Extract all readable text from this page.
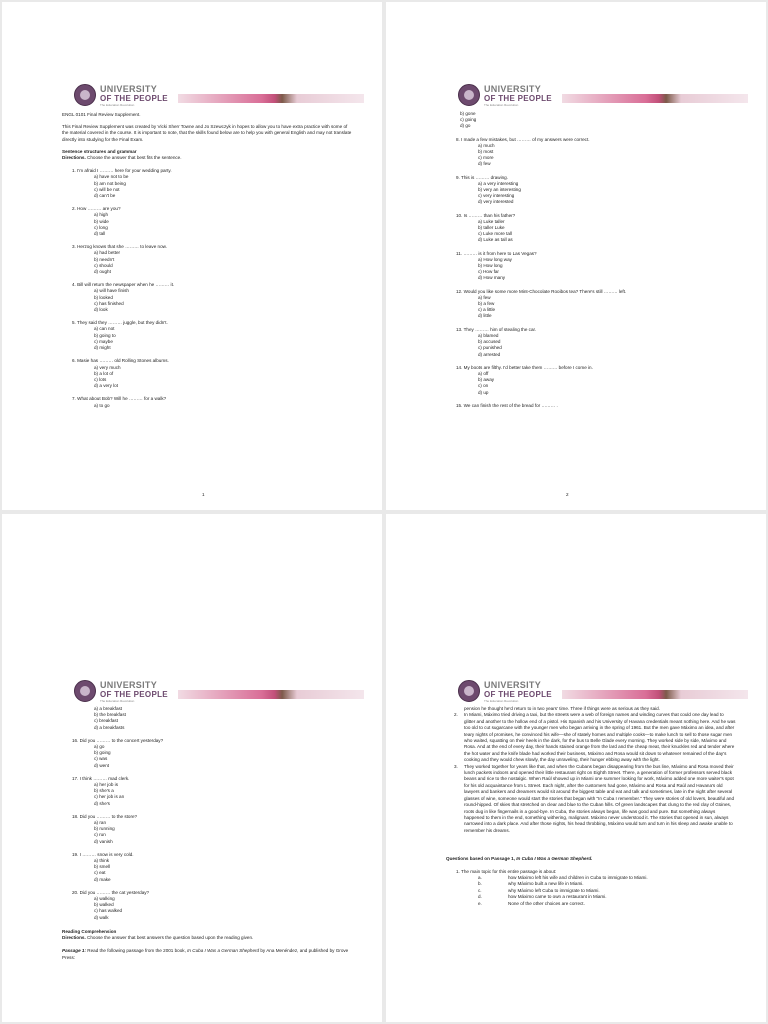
UNIVERSITY
OF THE PEOPLE
The Education Revolution

ENGL 0101 Final Review Supplement.

This Final Review Supplement was created by Vicki Sherr Towne and Jo Szewczyk in hopes to allow you to have extra practice with some of the material covered in the course. It is important to note, that the skills found below are to help you with general English and may not translate directly into studying for the Final Exam.

Sentence structures and grammar
Directions. Choose the answer that best fits the sentence.
1. I'm afraid I ……… here for your wedding party.
a) have not to be
b) am not being
c) will be not
d) can't be
2. How ……… are you?
a) high
b) wide
c) long
d) tall
3. Herzog knows that she ……… to leave now.
a) had better
b) needn't
c) should
d) ought
4. Bill will return the newspaper when he ……… it.
a) will have finish
b) looked
c) has finished
d) look
5. They said they ……… juggle, but they didn't.
a) can not
b) going to
c) maybe
d) might
6. Masie has ……… old Rolling Stones albums.
a) very much
b) a lot of
c) lots
d) a very lot
7. What about Bob? Will he ……… for a walk?
a) to go
1
UNIVERSITY
OF THE PEOPLE
The Education Revolution
b) gone
c) going
d) go
8. I made a few mistakes, but ……… of my answers were correct.
a) much
b) most
c) more
d) few
9. This is ……… drawing.
a) a very interesting
b) very an interesting
c) very interesting
d) very interested
10. Is ……… than his father?
a) Luke taller
b) taller Luke
c) Luke more tall
d) Luke as tall as
11. ……… is it from here to Las Vegas?
a) How long way
b) How long
c) How far
d) How many
12. Would you like some more Mint-Chocolate Rooibos tea? There's still ……… left.
a) few
b) a few
c) a little
d) little
13. They ……… him of stealing the car.
a) blamed
b) accused
c) punished
d) arrested
14. My boots are filthy. I'd better take them ……… before I come in.
a) off
b) away
c) on
d) up
15. We can finish the rest of the bread for ……… .
2
UNIVERSITY
OF THE PEOPLE
The Education Revolution
a) a breakfast
b) the breakfast
c) breakfast
d) a breakfasts
16. Did you ……… to the concert yesterday?
a) go
b) going
c) was
d) went
17. I think ……… mad clerk.
a) her job is
b) she's a
c) her job is an
d) she's
18. Did you ……… to the store?
a) ran
b) running
c) run
d) vanish
19. I ……… snow is very cold.
a) think
b) smell
c) eat
d) make
20. Did you ……… the cat yesterday?
a) walking
b) walked
c) has walked
d) walk
Reading Comprehension
Directions. Choose the answer that best answers the question based upon the reading given.
Passage 1: Read the following passage from the 2001 book, In Cuba I Was a German Shepherd by Ana Menéndez, and published by Grove Press:
UNIVERSITY
OF THE PEOPLE
The Education Revolution
pension he thought he'd return to in two years' time. Three if things were as serious as they said.
2.	In Miami, Máximo tried driving a taxi, but the streets were a web of foreign names and winding curves that could one day lead to glitter and another to the hollow end of a pistol. His Spanish and his University of Havana credentials meant nothing here. And he was too old to cut sugarcane with the younger men who began arriving in the spring of 1961. But the men gave Máximo an idea, and after teary nights of promises, he convinced his wife—she of stately homes and multiple cooks—to make lunch to sell to those sugar men who waited, squatting on their heels in the dark, for the bus to Belle Glade every morning. They worked side by side, Máximo and Rosa. And at the end of every day, their hands stained orange from the lard and the cheap meat, their knuckles red and tender where the hot water and the knife blade had worked their business, Máximo and Rosa would sit down to whatever remained of the day's cooking and they would chew slowly, the day unraveling, their hunger ebbing away with the light.
3.	They worked together for years like that, and when the Cubans began disappearing from the bus line, Máximo and Rosa moved their lunch packets indoors and opened their little restaurant right on Eighth Street. There, a generation of former professors served black beans and rice to the nostalgic. When Raúl showed up in Miami one summer looking for work, Máximo added one more waiter's spot for his old acquaintance from L Street. Each night, after the customers had gone, Máximo and Rosa and Raúl and Havana's old lawyers and bankers and dreamers would sit around the biggest table and eat and talk and sometimes, late in the night after several glasses of wine, someone would start the stories that began with "In Cuba I remember." They were stories of old lovers, beautiful and round-hipped. Of skies that stretched on clear and blue to the Cuban hills. Of green landscapes that clung to the red clay of Güines, roots dug in like fingernails in a good-bye. In Cuba, the stories always began, life was good and pure. But something always happened to them in the end, something withering, malignant. Máximo never understood it. The stories that opened in sun, always narrowed into a dark place. And after those nights, his head throbbing, Máximo would turn and turn in his sleep and awake unable to remember his dreams.
Questions based on Passage 1, In Cuba I Was a German Shepherd.
1. The main topic for this entire passage is about:
a.	how Máximo left his wife and children in Cuba to immigrate to Miami.
b.	why Máximo built a new life in Miami.
c.	why Máximo left Cuba to immigrate to Miami.
d.	how Máximo came to own a restaurant in Miami.
e.	None of the other choices are correct.
